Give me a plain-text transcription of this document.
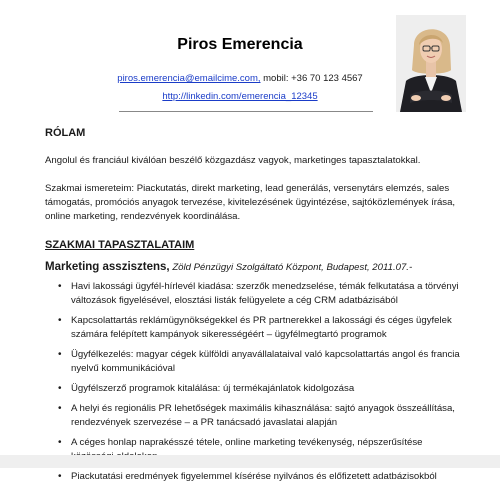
Piros Emerencia
piros.emerencia@emailcime.com, mobil: +36 70 123 4567
http://linkedin.com/emerencia_12345
RÓLAM

Angolul és franciául kiválóan beszélő közgazdász vagyok, marketinges tapasztalatokkal.

Szakmai ismereteim: Piackutatás, direkt marketing, lead generálás, versenytárs elemzés, sales támogatás, promóciós anyagok tervezése, kivitelezésének ügyintézése, sajtóközlemények írása, online marketing, rendezvények koordinálása.

SZAKMAI TAPASZTALATAIM
Marketing asszisztens, Zöld Pénzügyi Szolgáltató Központ, Budapest, 2011.07.-
• Havi lakossági ügyfél-hírlevél kiadása: szerzők menedzselése, témák felkutatása a törvényi változások figyelésével, elosztási listák felügyelete a cég CRM adatbázisából
• Kapcsolattartás reklámügynökségekkel és PR partnerekkel a lakossági és céges ügyfelek számára felépített kampányok sikerességéért – ügyfélmegtartó programok
• Ügyfélkezelés: magyar cégek külföldi anyavállalataival való kapcsolattartás angol és francia nyelvű kommunikációval
• Ügyfélszerző programok kitalálása: új termékajánlatok kidolgozása
• A helyi és regionális PR lehetőségek maximális kihasználása: sajtó anyagok összeállítása, rendezvények szervezése – a PR tanácsadó javaslatai alapján
• A céges honlap naprakésszé tétele, online marketing tevékenység, népszerűsítése
• Piackutatási eredmények figyelemmel kísérése nyilvános és előfizetett adatbázisokból
